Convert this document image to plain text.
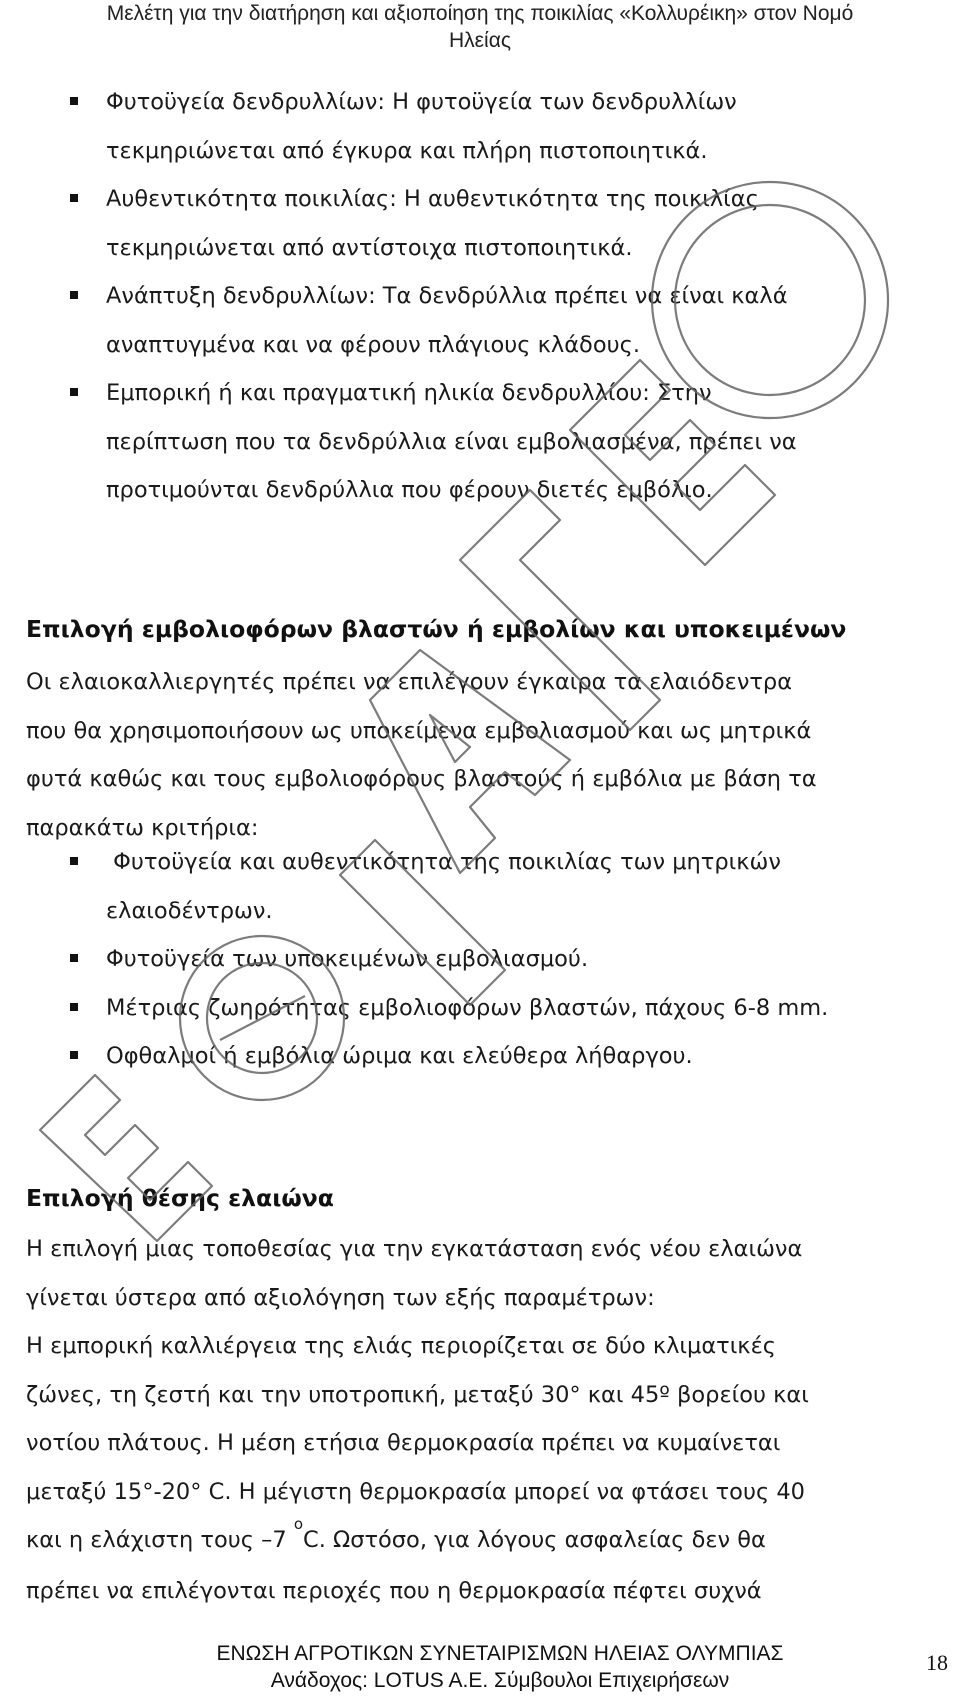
Μελέτη για την διατήρηση και αξιοποίηση της ποικιλίας «Κολλυρέικη» στον Νομό
Ηλείας
Φυτοϋγεία δενδρυλλίων: Η φυτοϋγεία των δενδρυλλίων
τεκμηριώνεται από έγκυρα και πλήρη πιστοποιητικά.
Αυθεντικότητα ποικιλίας: Η αυθεντικότητα της ποικιλίας
τεκμηριώνεται από αντίστοιχα πιστοποιητικά.
Ανάπτυξη δενδρυλλίων: Τα δενδρύλλια πρέπει να είναι καλά
αναπτυγμένα και να φέρουν πλάγιους κλάδους.
Εμπορική ή και πραγματική ηλικία δενδρυλλίου: Στην
περίπτωση που τα δενδρύλλια είναι εμβολιασμένα, πρέπει να
προτιμούνται δενδρύλλια που φέρουν διετές εμβόλιο.
Επιλογή εμβολιοφόρων βλαστών ή εμβολίων και υποκειμένων
Οι ελαιοκαλλιεργητές πρέπει να επιλέγουν έγκαιρα τα ελαιόδεντρα
που θα χρησιμοποιήσουν ως υποκείμενα εμβολιασμού και ως μητρικά
φυτά καθώς και τους εμβολιοφόρους βλαστούς ή εμβόλια με βάση τα
παρακάτω κριτήρια:
Φυτοϋγεία και αυθεντικότητα της ποικιλίας των μητρικών
ελαιοδέντρων.
Φυτοϋγεία των υποκειμένων εμβολιασμού.
Μέτριας ζωηρότητας εμβολιοφόρων βλαστών, πάχους 6-8 mm.
Οφθαλμοί ή εμβόλια ώριμα και ελεύθερα λήθαργου.
Επιλογή θέσης ελαιώνα
Η επιλογή μιας τοποθεσίας για την εγκατάσταση ενός νέου ελαιώνα
γίνεται ύστερα από αξιολόγηση των εξής παραμέτρων:
Η εμπορική καλλιέργεια της ελιάς περιορίζεται σε δύο κλιματικές
ζώνες, τη ζεστή και την υποτροπική, μεταξύ 30° και 45º βορείου και
νοτίου πλάτους. Η μέση ετήσια θερμοκρασία πρέπει να κυμαίνεται
μεταξύ 15°-20° C. Η μέγιστη θερμοκρασία μπορεί να φτάσει τους 40
και η ελάχιστη τους –7 $^o$C. Ωστόσο, για λόγους ασφαλείας δεν θα
πρέπει να επιλέγονται περιοχές που η θερμοκρασία πέφτει συχνά
ΕΝΩΣΗ ΑΓΡΟΤΙΚΩΝ ΣΥΝΕΤΑΙΡΙΣΜΩΝ ΗΛΕΙΑΣ ΟΛΥΜΠΙΑΣ
Ανάδοχος: LOTUS A.E. Σύμβουλοι Επιχειρήσεων
18
